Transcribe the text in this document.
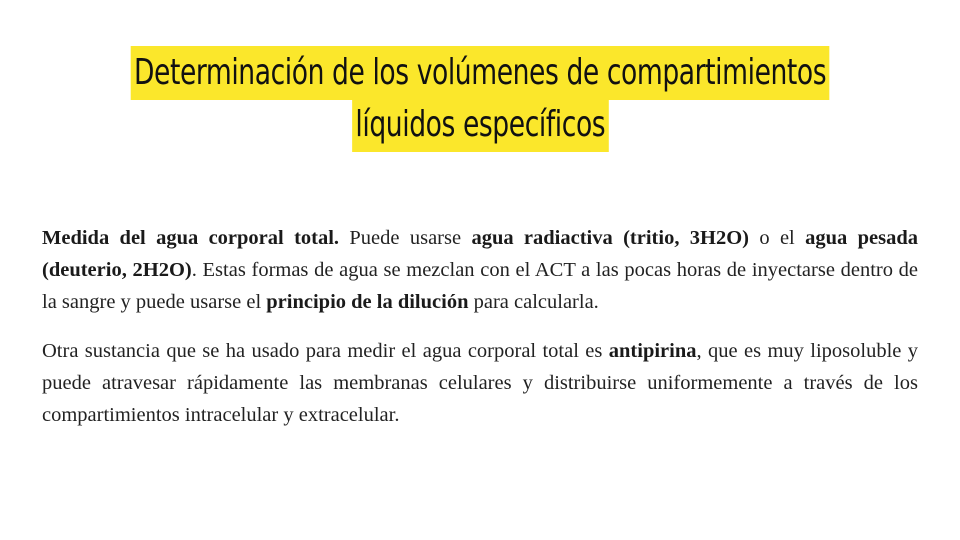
Determinación de los volúmenes de compartimientos
líquidos específicos

Medida del agua corporal total. Puede usarse agua radiactiva (tritio, 3H2O) o el agua pesada (deuterio, 2H2O). Estas formas de agua se mezclan con el ACT a las pocas horas de inyectarse dentro de la sangre y puede usarse el principio de la dilución para calcularla.

Otra sustancia que se ha usado para medir el agua corporal total es antipirina, que es muy liposoluble y puede atravesar rápidamente las membranas celulares y distribuirse uniformemente a través de los compartimientos intracelular y extracelular.
